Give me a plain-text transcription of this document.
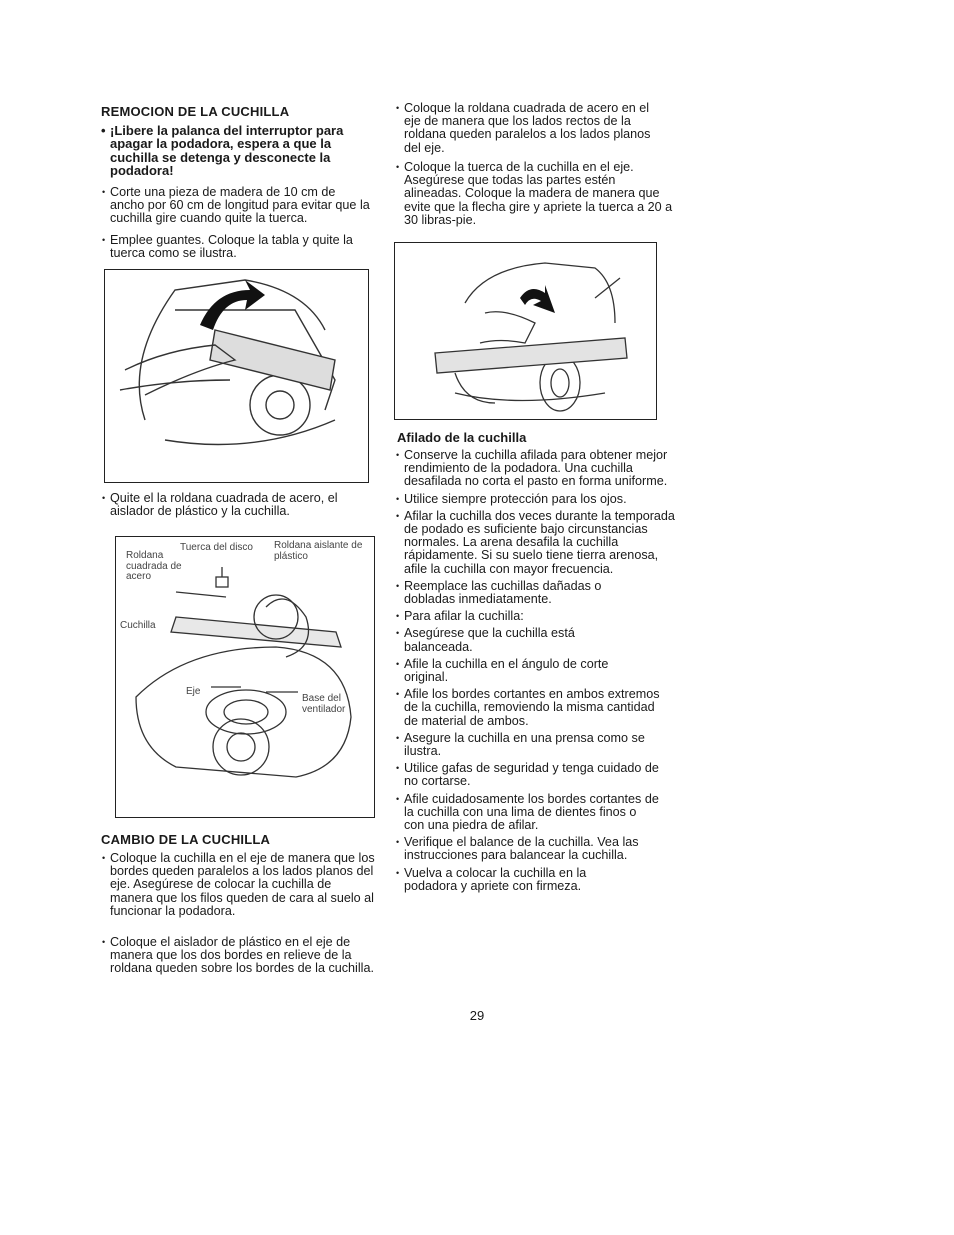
REMOCION DE LA CUCHILLA
• ¡Libere la palanca del interruptor para apagar la podadora, espera a que la cuchilla se detenga y desconecte la podadora!

• Corte una pieza de madera de 10 cm de ancho por 60 cm de longitud para evitar que la cuchilla gire cuando quite la tuerca.

• Emplee guantes. Coloque la tabla y quite la tuerca como se ilustra.

• Quite el la roldana cuadrada de acero, el aislador de plástico y la cuchilla.

Roldana cuadrada de acero
Tuerca del disco	Roldana aislante de plástico
Cuchilla
Eje
Base del ventilador
CAMBIO DE LA CUCHILLA

• Coloque la cuchilla en el eje de manera que los bordes queden paralelos a los lados planos del eje. Asegúrese de colocar la cuchilla de manera que los filos queden de cara al suelo al funcionar la podadora.

• Coloque el aislador de plástico en el eje de manera que los dos bordes en relieve de la roldana queden sobre los bordes de la cuchilla.

• Coloque la roldana cuadrada de acero en el eje de manera que los lados rectos de la roldana queden paralelos a los lados planos del eje.

• Coloque la tuerca de la cuchilla en el eje. Asegúrese que todas las partes estén alineadas. Coloque la madera de manera que evite que la flecha gire y apriete la tuerca a 20 a 30 libras-pie.

Afilado de la cuchilla

• Conserve la cuchilla afilada para obtener mejor rendimiento de la podadora. Una cuchilla desafilada no corta el pasto en forma uniforme.

• Utilice siempre protección para los ojos.

• Afilar la cuchilla dos veces durante la temporada de podado es suficiente bajo circunstancias normales. La arena desafila la cuchilla rápidamente. Si su suelo tiene tierra arenosa, afile la cuchilla con mayor frecuencia.

• Reemplace las cuchillas dañadas o dobladas inmediatamente.

• Para afilar la cuchilla:

• Asegúrese que la cuchilla está balanceada.

• Afile la cuchilla en el ángulo de corte original.

• Afile los bordes cortantes en ambos extremos de la cuchilla, removiendo la misma cantidad de material de ambos.

• Asegure la cuchilla en una prensa como se ilustra.

• Utilice gafas de seguridad y tenga cuidado de no cortarse.

• Afile cuidadosamente los bordes cortantes de la cuchilla con una lima de dientes finos o con una piedra de afilar.

• Verifique el balance de la cuchilla. Vea las instrucciones para balancear la cuchilla.

• Vuelva a colocar la cuchilla en la podadora y apriete con firmeza.

29
